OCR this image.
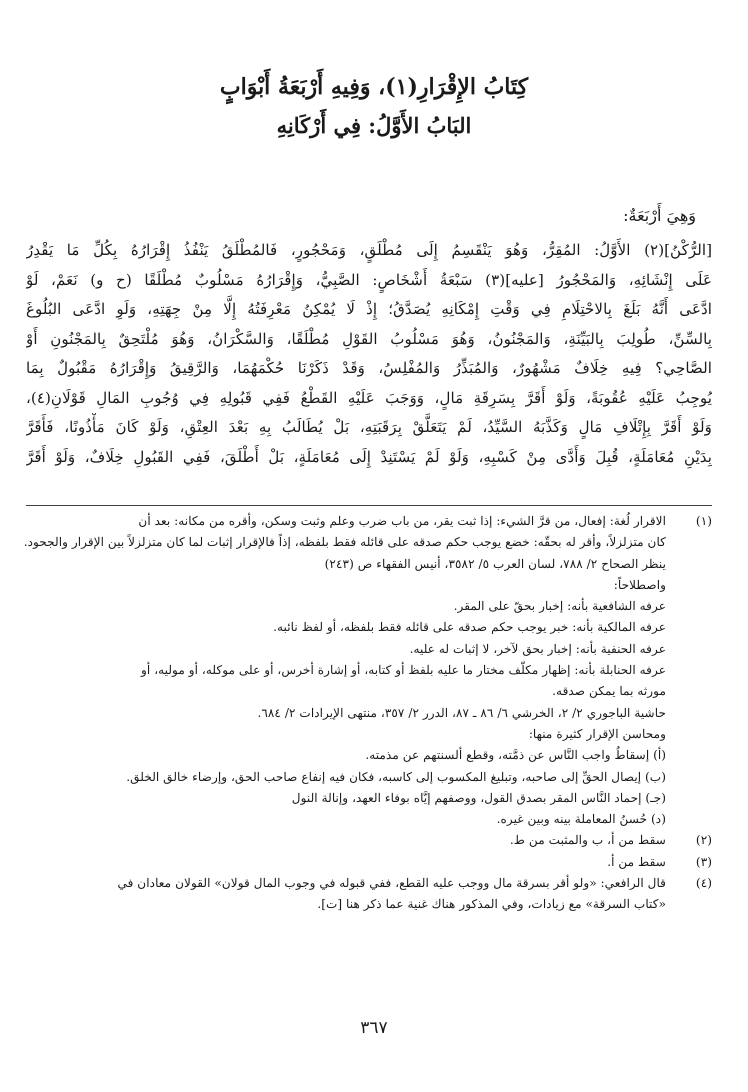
كِتَابُ الإِقْرَارِ(١)، وَفِيهِ أَرْبَعَةُ أَبْوَابٍ
البَابُ الأَوَّلُ: فِي أَرْكَانِهِ
وَهِيَ أَرْبَعَةٌ:

[الرُّكْنُ](٢) الأَوَّلُ: المُقِرُّ، وَهُوَ يَنْقَسِمُ إِلَى مُطْلَقٍ، وَمَحْجُورٍ، فَالمُطْلَقُ يَنْفُذُ إِقْرَارُهُ بِكُلِّ مَا يَقْدِرُ

عَلَى إِنْشَائِهِ، وَالمَحْجُورُ [عليه](٣) سَبْعَةُ أَشْخَاصٍ: الصَّبِيُّ، وَإِقْرَارُهُ مَسْلُوبٌ مُطْلَقًا (ح و) نَعَمْ، لَوْ

ادَّعَى أَنَّهُ بَلَغَ بِالاحْتِلَامِ فِي وَقْتِ إِمْكَانِهِ يُصَدَّقُ؛ إِذْ لَا يُمْكِنُ مَعْرِفَتُهُ إِلَّا مِنْ جِهَتِهِ، وَلَوِ ادَّعَى البُلُوغَ

بِالسِّنِّ، طُولِبَ بِالبَيِّنَةِ، وَالمَجْنُونُ، وَهُوَ مَسْلُوبُ القَوْلِ مُطْلَقًا، وَالسَّكْرَانُ، وَهُوَ مُلْتَحِقٌ بِالمَجْنُونِ أَوْ

الصَّاحِي؟ فِيهِ خِلَافٌ مَشْهُورٌ، وَالمُبَذِّرُ وَالمُفْلِسُ، وَقَدْ ذَكَرْنَا حُكْمَهُمَا، وَالرَّقِيقُ وَإِقْرَارُهُ مَقْبُولٌ بِمَا

يُوجِبُ عَلَيْهِ عُقُوبَةً، وَلَوْ أَقَرَّ بِسَرِقَةِ مَالٍ، وَوَجَبَ عَلَيْهِ القَطْعُ فَفِي قَبُولِهِ فِي وُجُوبِ المَالِ قَوْلَانِ(٤)،

وَلَوْ أَقَرَّ بِإِتْلَافِ مَالٍ وَكَذَّبَهُ السَّيِّدُ، لَمْ يَتَعَلَّقْ بِرَقَبَتِهِ، بَلْ يُطَالَبُ بِهِ بَعْدَ العِتْقِ، وَلَوْ كَانَ مَأْذُونًا، فَأَقَرَّ

بِدَيْنِ مُعَامَلَةٍ، قُبِلَ وَأَدَّى مِنْ كَسْبِهِ، وَلَوْ لَمْ يَسْتَنِدْ إِلَى مُعَامَلَةٍ، بَلْ أَطْلَقَ، فَفِي القَبُولِ خِلَافٌ، وَلَوْ أَقَرَّ

(١)

الاقرار لُغة: إفعال، من قرَّ الشيء: إذا ثبت يقر، من باب ضرب وعلم وثبت وسكن، وأقره من مكانه: بعد أن

كان متزلزلاً، وأقر له بحقّه: خضع يوجب حكم صدقه على قائله فقط بلفظه، إذاً فالإقرار إثبات لما كان متزلزلاً بين الإقرار والجحود.

ينظر الصحاح ٢/ ٧٨٨، لسان العرب ٥/ ٣٥٨٢، أنيس الفقهاء ص (٢٤٣)

واصطلاحاً:

عرفه الشافعية بأنه: إخبار بحقّ على المقر.

عرفه المالكية بأنه: خبر يوجب حكم صدقه على قائله فقط بلفظه، أو لفظ نائبه.

عرفه الحنفية بأنه: إخبار بحق لآخر، لا إثبات له عليه.

عرفه الحنابلة بأنه: إظهار مكلّف مختار ما عليه بلفظ أو كتابه، أو إشارة أخرس، أو على موكله، أو موليه، أو

مورثه بما يمكن صدقه.

حاشية الباجوري ٢/ ٢، الخرشي ٦/ ٨٦ ـ ٨٧، الدرر ٢/ ٣٥٧، منتهى الإيرادات ٢/ ٦٨٤.

ومحاسن الإقرار كثيرة منها:

(أ) إسقاطُ واجب النَّاس عن ذمَّته، وقطع ألسنتهم عن مذمته.

(ب) إيصال الحقِّ إلى صاحبه، وتبليغ المكسوب إلى كاسبه، فكان فيه إنفاع صاحب الحق، وإرضاء خالق الخلق.

(جـ) إحماد النَّاس المقر بصدق القول، ووصفهم إيَّاه بوفاء العهد، وإنالة النول

(د) حُسنُ المعاملة بينه وبين غيره.

(٢)

سقط من أ، ب والمثبت من ط.

(٣)

سقط من أ.

(٤)

قال الرافعي: «ولو أقر بسرقة مال ووجب عليه القطع، ففي قبوله في وجوب المال قولان» القولان معادان في

«كتاب السرقة» مع زيادات، وفي المذكور هناك غنية عما ذكر هنا [ت].

٣٦٧
